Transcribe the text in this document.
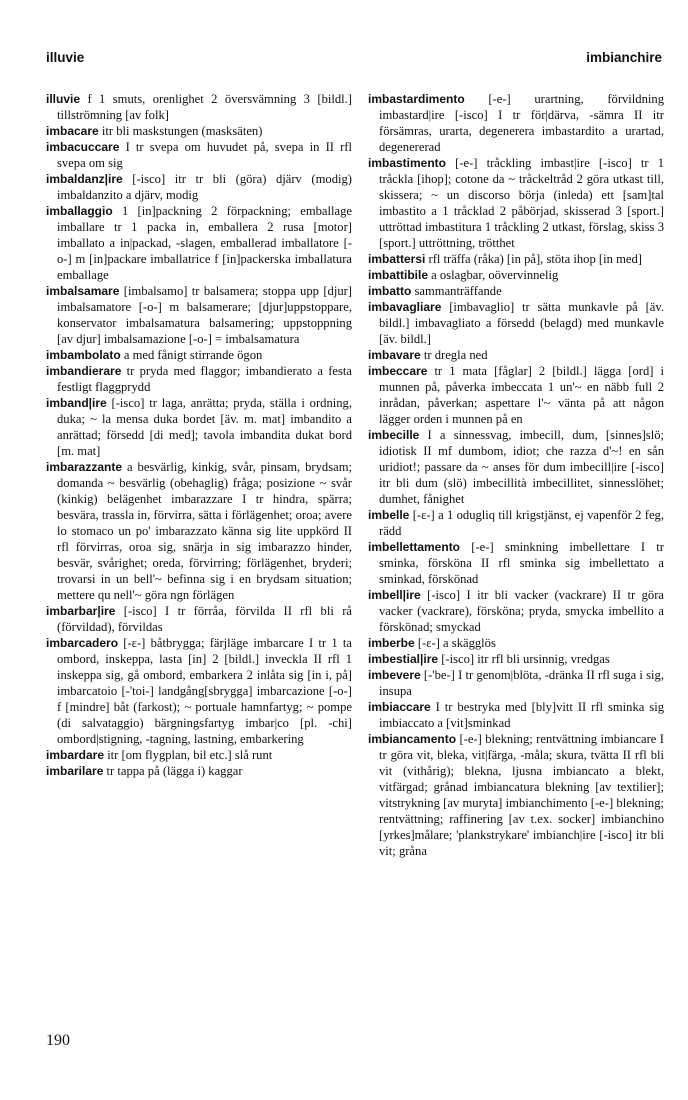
illuvie	imbianchire

illuvie f 1 smuts, orenlighet 2 översvämning 3 [bildl.] tillströmning [av folk]

imbacare itr bli maskstungen (masksäten)

imbacuccare I tr svepa om huvudet på, svepa in II rfl svepa om sig

imbaldanz|ire [-isco] itr tr bli (göra) djärv (modig) imbaldanzito a djärv, modig

imballaggio 1 [in]packning 2 förpackning; emballage imballare tr 1 packa in, emballera 2 rusa [motor] imballato a in|packad, -slagen, emballerad imballatore [-o-] m [in]packare imballatrice f [in]packerska imballatura emballage

imbalsamare [imbalsamo] tr balsamera; stoppa upp [djur] imbalsamatore [-o-] m balsamerare; [djur]uppstoppare, konservator imbalsamatura balsamering; uppstoppning [av djur] imbalsamazione [-o-] = imbalsamatura

imbambolato a med fånigt stirrande ögon

imbandierare tr pryda med flaggor; imbandierato a festa festligt flaggprydd

imband|ire [-isco] tr laga, anrätta; pryda, ställa i ordning, duka; ~ la mensa duka bordet [äv. m. mat] imbandito a anrättad; försedd [di med]; tavola imbandita dukat bord [m. mat]

imbarazzante a besvärlig, kinkig, svår, pinsam, brydsam; domanda ~ besvärlig (obehaglig) fråga; posizione ~ svår (kinkig) belägenhet imbarazzare I tr hindra, spärra; besvära, trassla in, förvirra, sätta i förlägenhet; oroa; avere lo stomaco un po' imbarazzato känna sig lite uppkörd II rfl förvirras, oroa sig, snärja in sig imbarazzo hinder, besvär, svårighet; oreda, förvirring; förlägenhet, bryderi; trovarsi in un bell'~ befinna sig i en brydsam situation; mettere qu nell'~ göra ngn förlägen

imbarbar|ire [-isco] I tr förråa, förvilda II rfl bli rå (förvildad), förvildas

imbarcadero [-ɛ-] båtbrygga; färjläge imbarcare I tr 1 ta ombord, inskeppa, lasta [in] 2 [bildl.] inveckla II rfl 1 inskeppa sig, gå ombord, embarkera 2 inlåta sig [in i, på] imbarcatoio [-'toi-] landgång[sbrygga] imbarcazione [-o-] f [mindre] båt (farkost); ~ portuale hamnfartyg; ~ pompe (di salvataggio) bärgningsfartyg imbar|co [pl. -chi] ombord|stigning, -tagning, lastning, embarkering

imbardare itr [om flygplan, bil etc.] slå runt

imbarilare tr tappa på (lägga i) kaggar

imbastardimento [-e-] urartning, förvildning imbastard|ire [-isco] I tr för|därva, -sämra II itr försämras, urarta, degenerera imbastardito a urartad, degenererad

imbastimento [-e-] tråckling imbast|ire [-isco] tr 1 tråckla [ihop]; cotone da ~ tråckeltråd 2 göra utkast till, skissera; ~ un discorso börja (inleda) ett [sam]tal imbastito a 1 tråcklad 2 påbörjad, skisserad 3 [sport.] uttröttad imbastitura 1 tråckling 2 utkast, förslag, skiss 3 [sport.] uttröttning, trötthet

imbattersi rfl träffa (råka) [in på], stöta ihop [in med]

imbattibile a oslagbar, oövervinnelig

imbatto sammanträffande

imbavagliare [imbavaglio] tr sätta munkavle på [äv. bildl.] imbavagliato a försedd (belagd) med munkavle [äv. bildl.]

imbavare tr dregla ned

imbeccare tr 1 mata [fåglar] 2 [bildl.] lägga [ord] i munnen på, påverka imbeccata 1 un'~ en näbb full 2 inrådan, påverkan; aspettare l'~ vänta på att någon lägger orden i munnen på en

imbecille I a sinnessvag, imbecill, dum, [sinnes]slö; idiotisk II mf dumbom, idiot; che razza d'~! en sån uridiot!; passare da ~ anses för dum imbecill|ire [-isco] itr bli dum (slö) imbecillità imbecillitet, sinnesslöhet; dumhet, fånighet

imbelle [-ɛ-] a 1 odugliq till krigstjänst, ej vapenför 2 feg, rädd

imbellettamento [-e-] sminkning imbellettare I tr sminka, försköna II rfl sminka sig imbellettato a sminkad, förskönad

imbell|ire [-isco] I itr bli vacker (vackrare) II tr göra vacker (vackrare), försköna; pryda, smycka imbellito a förskönad; smyckad

imberbe [-ɛ-] a skägglös

imbestial|ire [-isco] itr rfl bli ursinnig, vredgas

imbevere [-'be-] I tr genom|blöta, -dränka II rfl suga i sig, insupa

imbiaccare I tr bestryka med [bly]vitt II rfl sminka sig imbiaccato a [vit]sminkad

imbiancamento [-e-] blekning; rentvättning imbiancare I tr göra vit, bleka, vit|färga, -måla; skura, tvätta II rfl bli vit (vithårig); blekna, ljusna imbiancato a blekt, vitfärgad; grånad imbiancatura blekning [av textilier]; vitstrykning [av muryta] imbianchimento [-e-] blekning; rentvättning; raffinering [av t.ex. socker] imbianchino [yrkes]målare; 'plankstrykare' imbianch|ire [-isco] itr bli vit; gråna

190
